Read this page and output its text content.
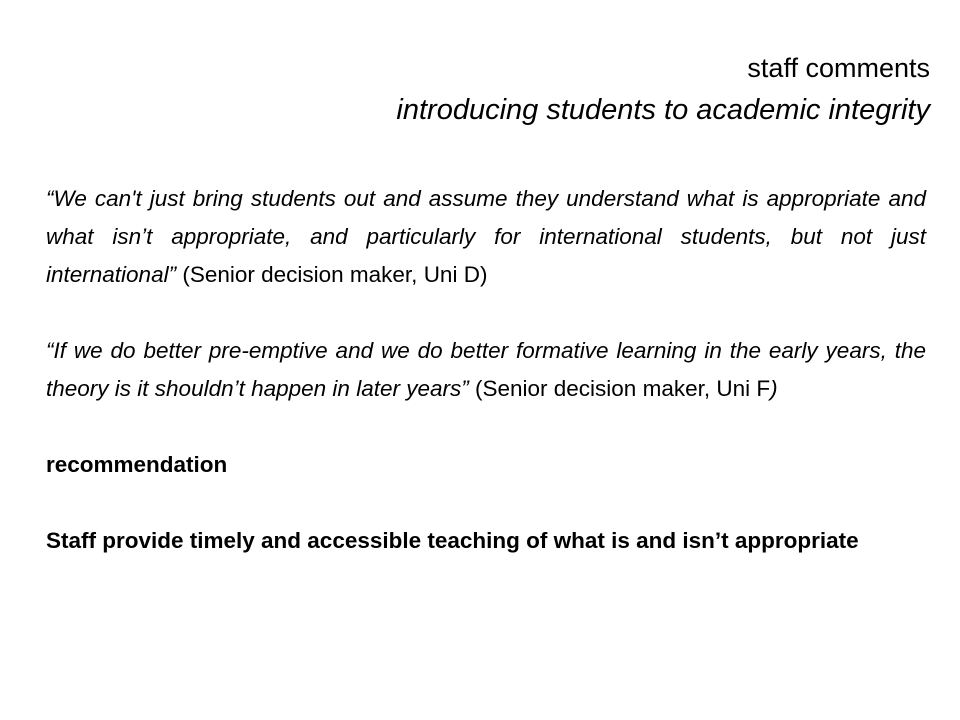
staff comments
introducing students to academic integrity

“We can't just bring students out and assume they understand what is appropriate and what isn’t appropriate, and particularly for international students, but not just international” (Senior decision maker, Uni D)

“If we do better pre-emptive and we do better formative learning in the early years, the theory is it shouldn’t happen in later years” (Senior decision maker, Uni F)

recommendation

Staff provide timely and accessible teaching of what is and isn’t appropriate
